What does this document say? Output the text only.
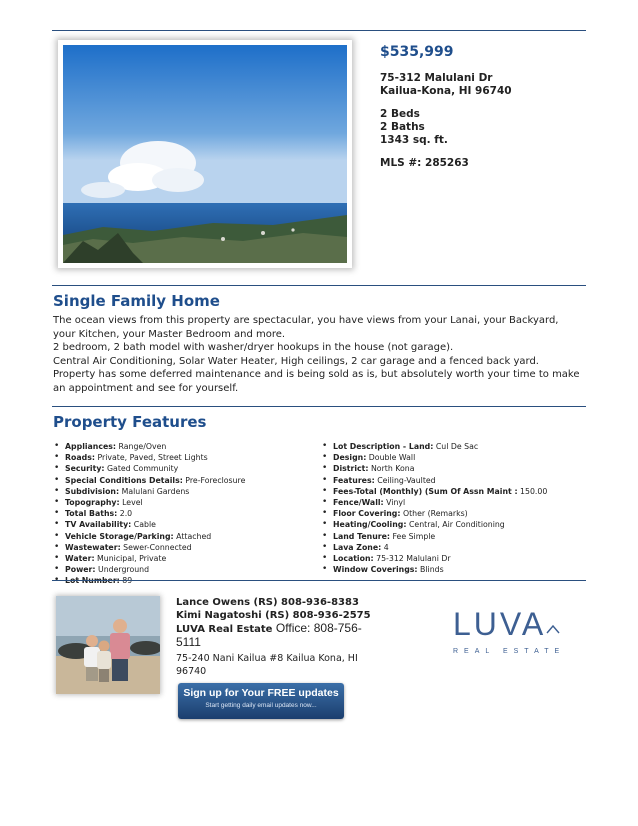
$535,999
75-312 Malulani Dr
Kailua-Kona, HI 96740
2 Beds
2 Baths
1343 sq. ft.
MLS #: 285263
Single Family Home
The ocean views from this property are spectacular, you have views from your Lanai, your Backyard, your Kitchen, your Master Bedroom and more.
2 bedroom, 2 bath model with washer/dryer hookups in the house (not garage).
Central Air Conditioning, Solar Water Heater, High ceilings, 2 car garage and a fenced back yard.
Property has some deferred maintenance and is being sold as is, but absolutely worth your time to make an appointment and see for yourself.
Property Features
• Appliances: Range/Oven
• Roads: Private, Paved, Street Lights
• Security: Gated Community
• Special Conditions Details: Pre-Foreclosure
• Subdivision: Malulani Gardens
• Topography: Level
• Total Baths: 2.0
• TV Availability: Cable
• Vehicle Storage/Parking: Attached
• Wastewater: Sewer-Connected
• Water: Municipal, Private
• Power: Underground
• Lot Number: 89
• Lot Description - Land: Cul De Sac
• Design: Double Wall
• District: North Kona
• Features: Ceiling-Vaulted
• Fees-Total (Monthly) (Sum Of Assn Maint : 150.00
• Fence/Wall: Vinyl
• Floor Covering: Other (Remarks)
• Heating/Cooling: Central, Air Conditioning
• Land Tenure: Fee Simple
• Lava Zone: 4
• Location: 75-312 Malulani Dr
• Window Coverings: Blinds
Lance Owens (RS) 808-936-8383
Kimi Nagatoshi (RS) 808-936-2575
LUVA Real Estate Office: 808-756-5111
75-240 Nani Kailua #8 Kailua Kona, HI 96740
Sign up for Your FREE updates
Start getting daily email updates now...
LUVA
REAL ESTATE
